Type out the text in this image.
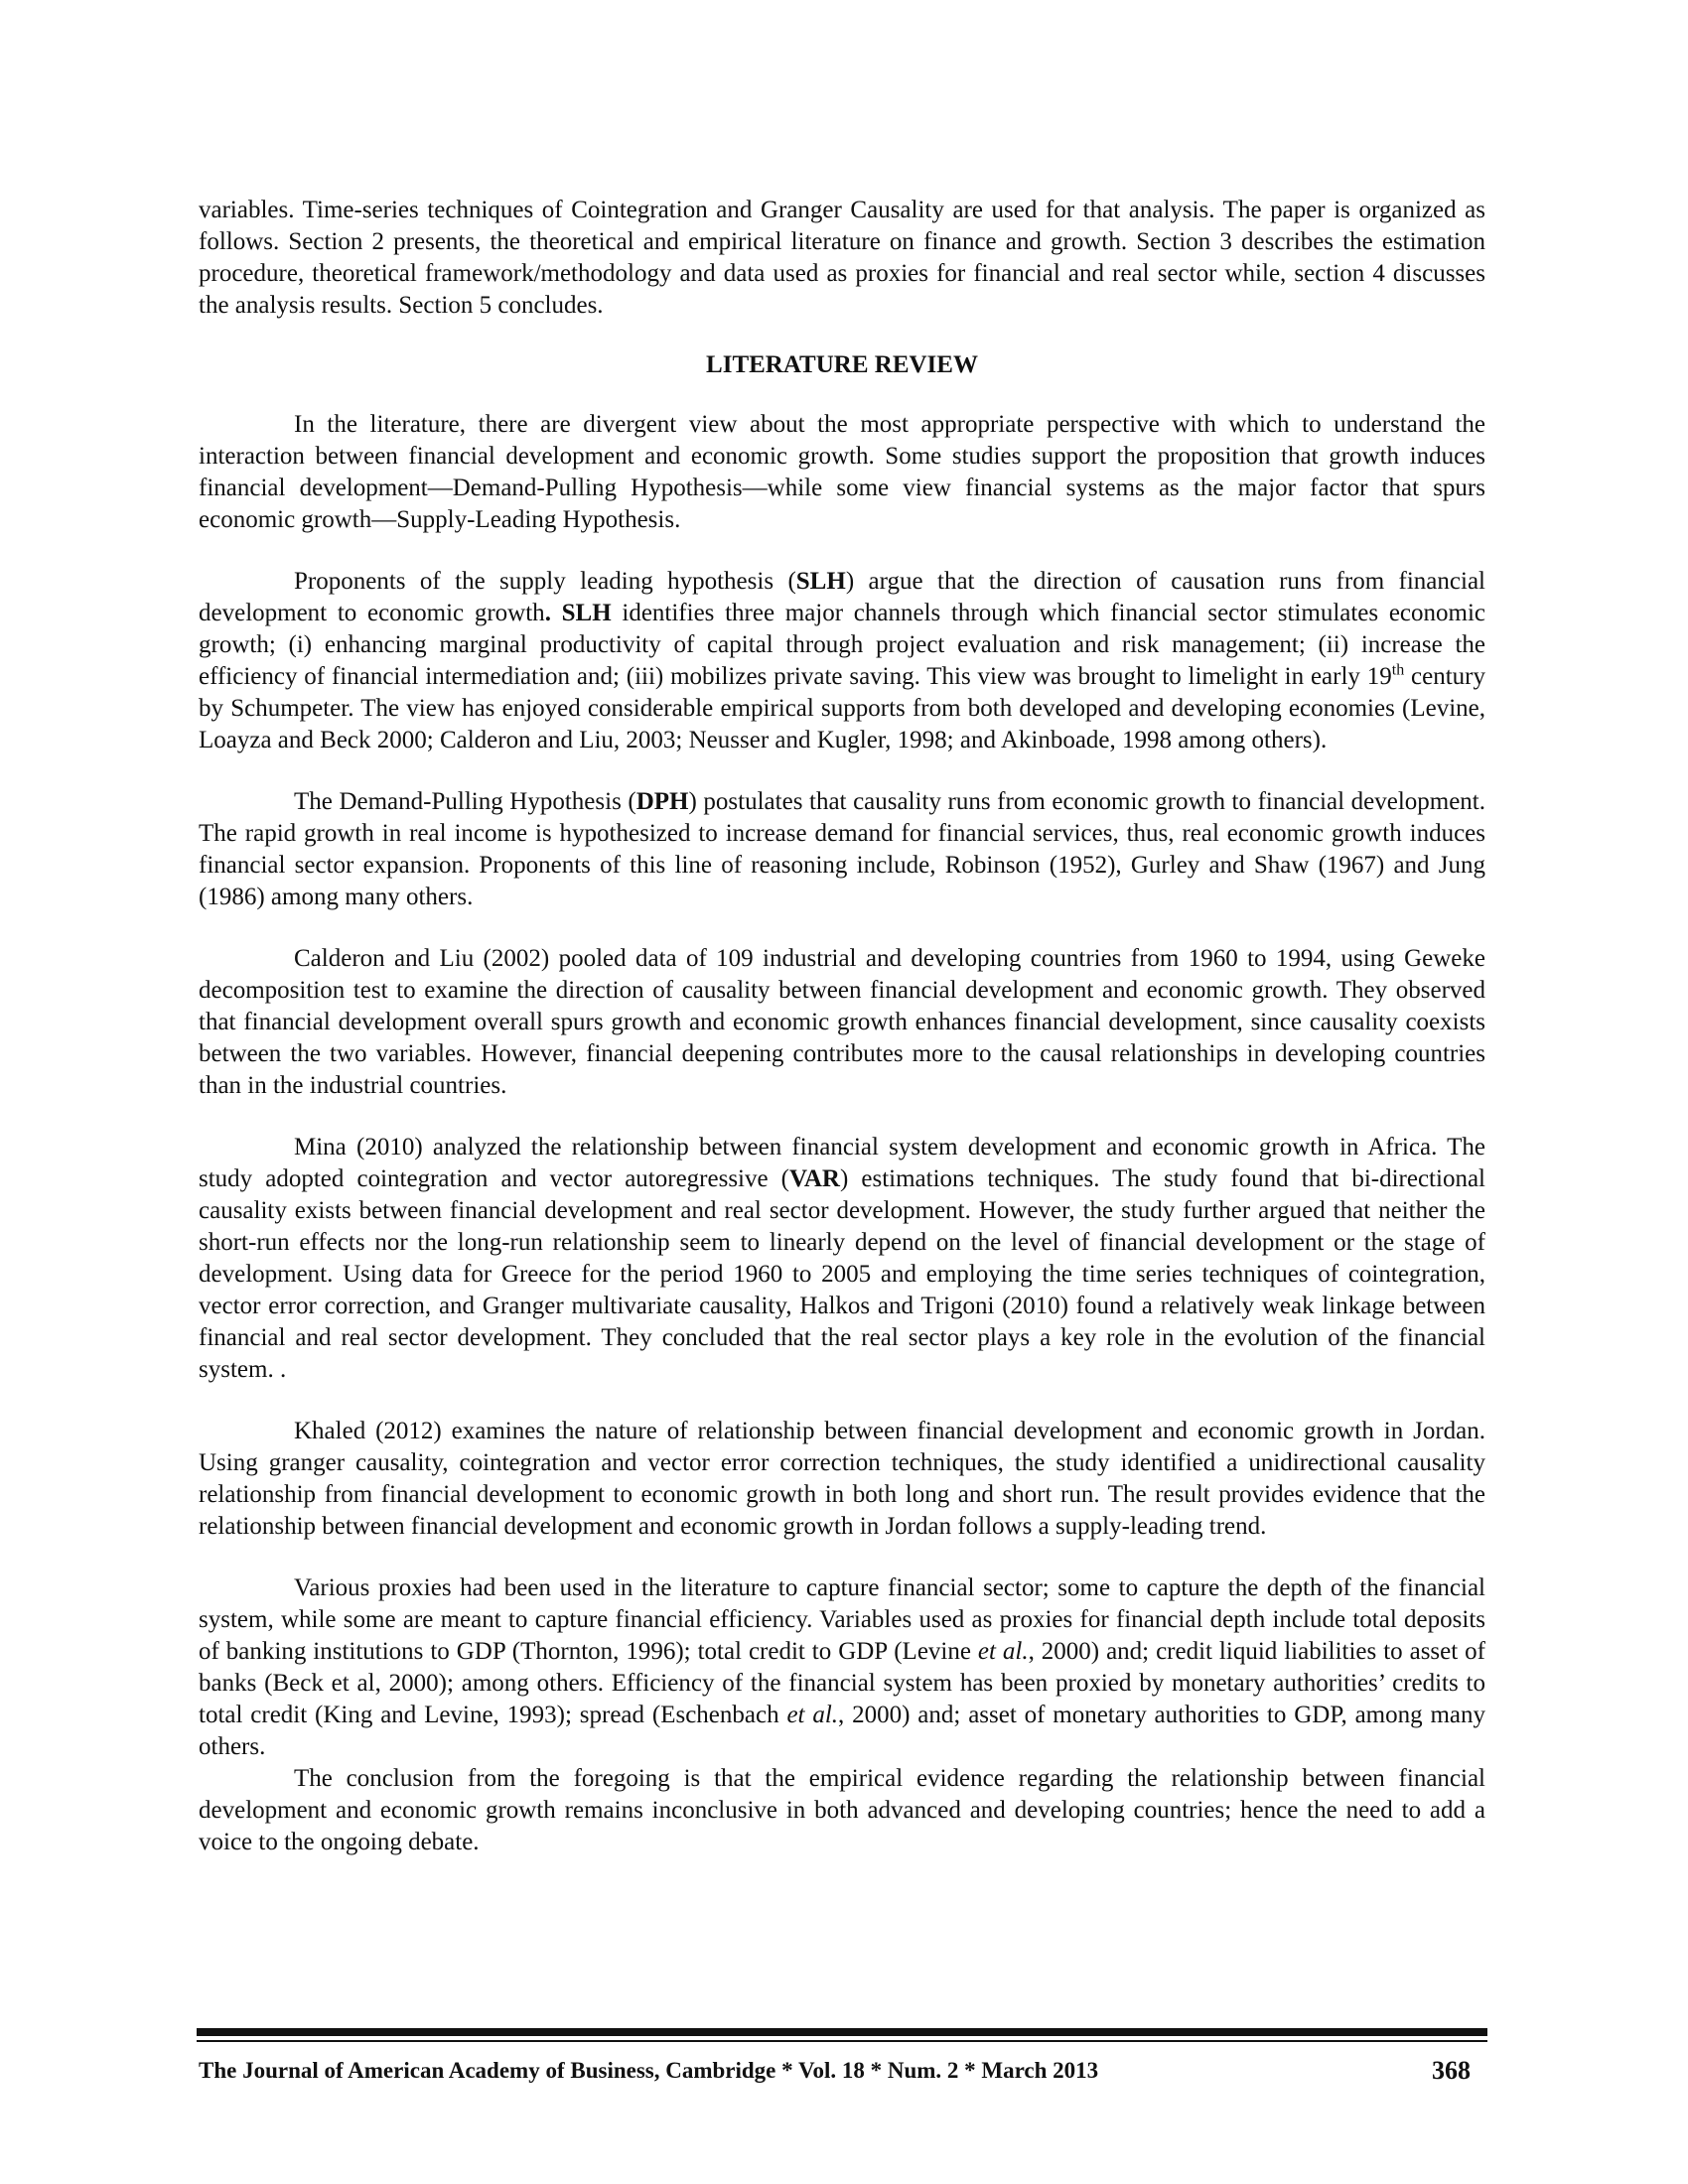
variables. Time-series techniques of Cointegration and Granger Causality are used for that analysis. The paper is organized as follows. Section 2 presents, the theoretical and empirical literature on finance and growth. Section 3 describes the estimation procedure, theoretical framework/methodology and data used as proxies for financial and real sector while, section 4 discusses the analysis results. Section 5 concludes.

LITERATURE REVIEW

In the literature, there are divergent view about the most appropriate perspective with which to understand the interaction between financial development and economic growth. Some studies support the proposition that growth induces financial development—Demand-Pulling Hypothesis—while some view financial systems as the major factor that spurs economic growth—Supply-Leading Hypothesis.

Proponents of the supply leading hypothesis (SLH) argue that the direction of causation runs from financial development to economic growth. SLH identifies three major channels through which financial sector stimulates economic growth; (i) enhancing marginal productivity of capital through project evaluation and risk management; (ii) increase the efficiency of financial intermediation and; (iii) mobilizes private saving. This view was brought to limelight in early 19th century by Schumpeter. The view has enjoyed considerable empirical supports from both developed and developing economies (Levine, Loayza and Beck 2000; Calderon and Liu, 2003; Neusser and Kugler, 1998; and Akinboade, 1998 among others).

The Demand-Pulling Hypothesis (DPH) postulates that causality runs from economic growth to financial development. The rapid growth in real income is hypothesized to increase demand for financial services, thus, real economic growth induces financial sector expansion. Proponents of this line of reasoning include, Robinson (1952), Gurley and Shaw (1967) and Jung (1986) among many others.

Calderon and Liu (2002) pooled data of 109 industrial and developing countries from 1960 to 1994, using Geweke decomposition test to examine the direction of causality between financial development and economic growth. They observed that financial development overall spurs growth and economic growth enhances financial development, since causality coexists between the two variables. However, financial deepening contributes more to the causal relationships in developing countries than in the industrial countries.

Mina (2010) analyzed the relationship between financial system development and economic growth in Africa. The study adopted cointegration and vector autoregressive (VAR) estimations techniques. The study found that bi-directional causality exists between financial development and real sector development. However, the study further argued that neither the short-run effects nor the long-run relationship seem to linearly depend on the level of financial development or the stage of development. Using data for Greece for the period 1960 to 2005 and employing the time series techniques of cointegration, vector error correction, and Granger multivariate causality, Halkos and Trigoni (2010) found a relatively weak linkage between financial and real sector development. They concluded that the real sector plays a key role in the evolution of the financial system. .

Khaled (2012) examines the nature of relationship between financial development and economic growth in Jordan. Using granger causality, cointegration and vector error correction techniques, the study identified a unidirectional causality relationship from financial development to economic growth in both long and short run. The result provides evidence that the relationship between financial development and economic growth in Jordan follows a supply-leading trend.

Various proxies had been used in the literature to capture financial sector; some to capture the depth of the financial system, while some are meant to capture financial efficiency. Variables used as proxies for financial depth include total deposits of banking institutions to GDP (Thornton, 1996); total credit to GDP (Levine et al., 2000) and; credit liquid liabilities to asset of banks (Beck et al, 2000); among others. Efficiency of the financial system has been proxied by monetary authorities’ credits to total credit (King and Levine, 1993); spread (Eschenbach et al., 2000) and; asset of monetary authorities to GDP, among many others.

The conclusion from the foregoing is that the empirical evidence regarding the relationship between financial development and economic growth remains inconclusive in both advanced and developing countries; hence the need to add a voice to the ongoing debate.

The Journal of American Academy of Business, Cambridge * Vol. 18 * Num. 2 * March 2013	368
